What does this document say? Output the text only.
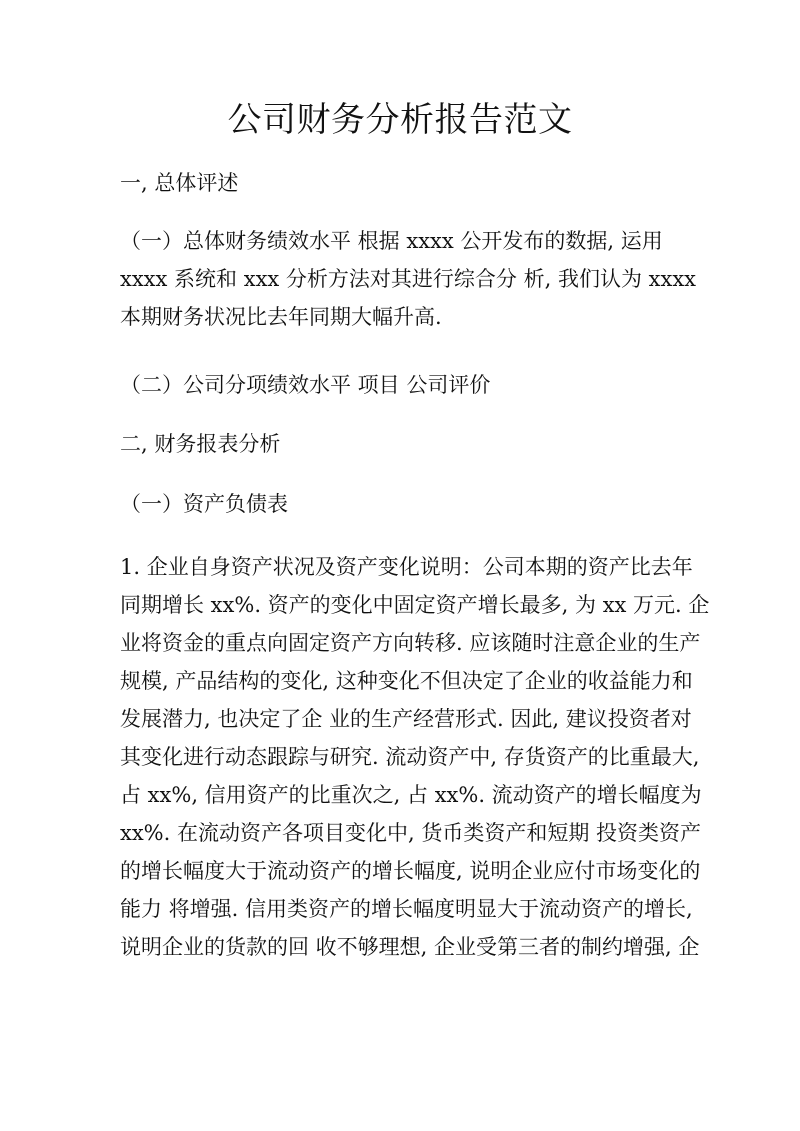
公司财务分析报告范文

一, 总体评述

（一）总体财务绩效水平 根据 xxxx 公开发布的数据, 运用
xxxx 系统和 xxx 分析方法对其进行综合分 析, 我们认为 xxxx
本期财务状况比去年同期大幅升高.

（二）公司分项绩效水平 项目 公司评价

二, 财务报表分析

（一）资产负债表

1. 企业自身资产状况及资产变化说明：公司本期的资产比去年
同期增长 xx%. 资产的变化中固定资产增长最多, 为 xx 万元. 企
业将资金的重点向固定资产方向转移. 应该随时注意企业的生产
规模, 产品结构的变化, 这种变化不但决定了企业的收益能力和
发展潜力, 也决定了企 业的生产经营形式. 因此, 建议投资者对
其变化进行动态跟踪与研究. 流动资产中, 存货资产的比重最大,
占 xx%, 信用资产的比重次之, 占 xx%. 流动资产的增长幅度为
xx%. 在流动资产各项目变化中, 货币类资产和短期 投资类资产
的增长幅度大于流动资产的增长幅度, 说明企业应付市场变化的
能力 将增强. 信用类资产的增长幅度明显大于流动资产的增长,
说明企业的货款的回 收不够理想, 企业受第三者的制约增强, 企
